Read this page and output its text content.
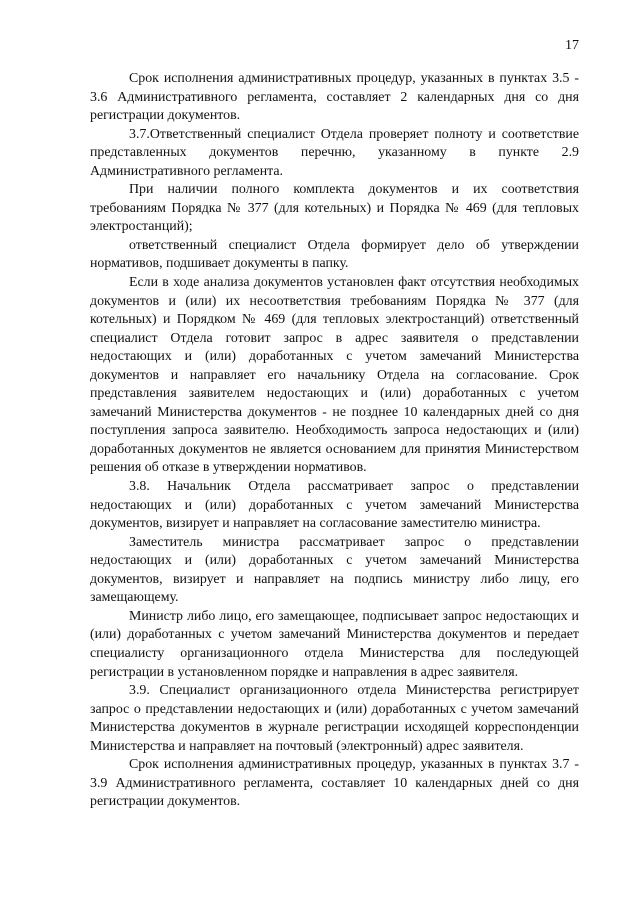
17

Срок исполнения административных процедур, указанных в пунктах 3.5 - 3.6 Административного регламента, составляет 2 календарных дня со дня регистрации документов.

3.7.Ответственный специалист Отдела проверяет полноту и соответствие представленных документов перечню, указанному в пункте 2.9 Административного регламента.

При наличии полного комплекта документов и их соответствия требованиям Порядка № 377 (для котельных) и Порядка № 469 (для тепловых электростанций);

ответственный специалист Отдела формирует дело об утверждении нормативов, подшивает документы в папку.

Если в ходе анализа документов установлен факт отсутствия необходимых документов и (или) их несоответствия требованиям Порядка № 377 (для котельных) и Порядком № 469 (для тепловых электростанций) ответственный специалист Отдела готовит запрос в адрес заявителя о представлении недостающих и (или) доработанных с учетом замечаний Министерства документов и направляет его начальнику Отдела на согласование. Срок представления заявителем недостающих и (или) доработанных с учетом замечаний Министерства документов - не позднее 10 календарных дней со дня поступления запроса заявителю. Необходимость запроса недостающих и (или) доработанных документов не является основанием для принятия Министерством решения об отказе в утверждении нормативов.

3.8. Начальник Отдела рассматривает запрос о представлении недостающих и (или) доработанных с учетом замечаний Министерства документов, визирует и направляет на согласование заместителю министра.

Заместитель министра рассматривает запрос о представлении недостающих и (или) доработанных с учетом замечаний Министерства документов, визирует и направляет на подпись министру либо лицу, его замещающему.

Министр либо лицо, его замещающее, подписывает запрос недостающих и (или) доработанных с учетом замечаний Министерства документов и передает специалисту организационного отдела Министерства для последующей регистрации в установленном порядке и направления в адрес заявителя.

3.9. Специалист организационного отдела Министерства регистрирует запрос о представлении недостающих и (или) доработанных с учетом замечаний Министерства документов в журнале регистрации исходящей корреспонденции Министерства и направляет на почтовый (электронный) адрес заявителя.

Срок исполнения административных процедур, указанных в пунктах 3.7 - 3.9 Административного регламента, составляет 10 календарных дней со дня регистрации документов.
